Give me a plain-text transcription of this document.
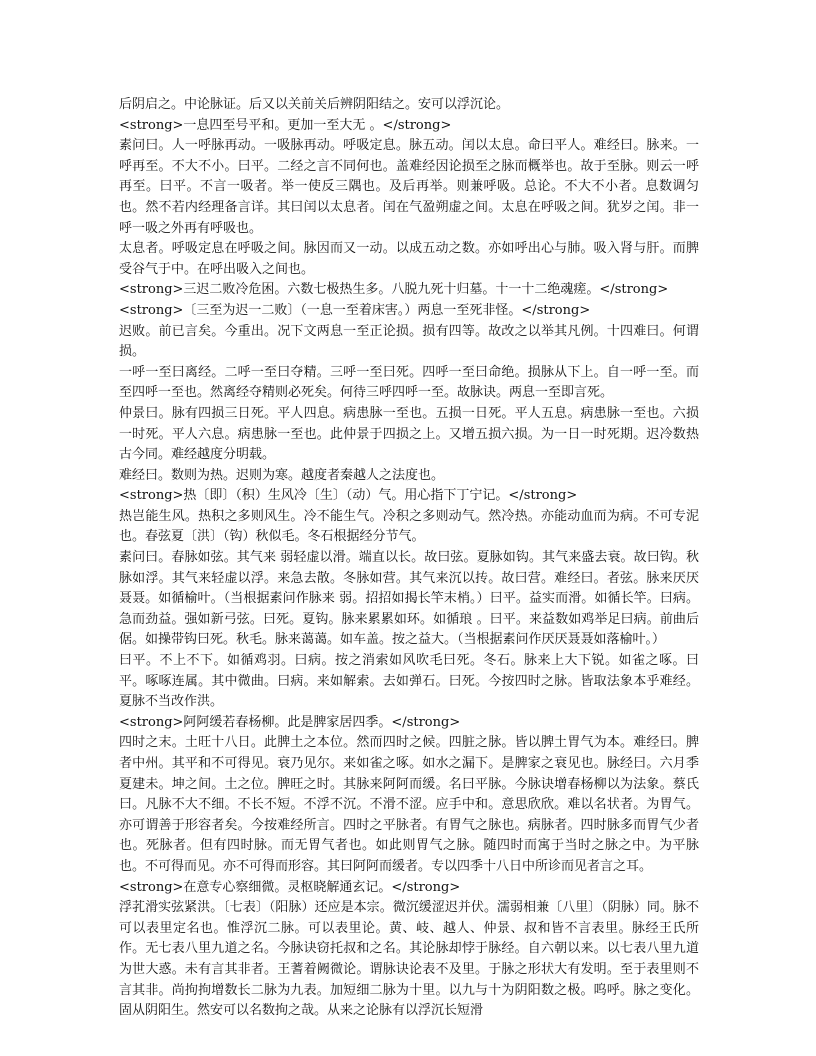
后阴启之。中论脉证。后又以关前关后辨阴阳结之。安可以浮沉论。

<strong>一息四至号平和。更加一至大无 。</strong>

素问曰。人一呼脉再动。一吸脉再动。呼吸定息。脉五动。闰以太息。命曰平人。难经曰。脉来。一呼再至。不大不小。曰平。二经之言不同何也。盖难经因论损至之脉而概举也。故于至脉。则云一呼再至。曰平。不言一吸者。举一使反三隅也。及后再举。则兼呼吸。总论。不大不小者。息数调匀也。然不若内经理备言详。其曰闰以太息者。闰在气盈朔虚之间。太息在呼吸之间。犹岁之闰。非一呼一吸之外再有呼吸也。

太息者。呼吸定息在呼吸之间。脉因而又一动。以成五动之数。亦如呼出心与肺。吸入肾与肝。而脾受谷气于中。在呼出吸入之间也。

<strong>三迟二败冷危困。六数七极热生多。八脱九死十归墓。十一十二绝魂瘥。</strong>

<strong>〔三至为迟一二败〕（一息一至着床害。）两息一至死非怪。</strong>

迟败。前已言矣。今重出。况下文两息一至正论损。损有四等。故改之以举其凡例。十四难曰。何谓损。

一呼一至曰离经。二呼一至曰夺精。三呼一至曰死。四呼一至曰命绝。损脉从下上。自一呼一至。而至四呼一至也。然离经夺精则必死矣。何待三呼四呼一至。故脉诀。两息一至即言死。

仲景曰。脉有四损三日死。平人四息。病患脉一至也。五损一日死。平人五息。病患脉一至也。六损一时死。平人六息。病患脉一至也。此仲景于四损之上。又增五损六损。为一日一时死期。迟冷数热古今同。难经越度分明载。

难经曰。数则为热。迟则为寒。越度者秦越人之法度也。

<strong>热〔即〕（积）生风冷〔生〕（动）气。用心指下丁宁记。</strong>

热岂能生风。热积之多则风生。冷不能生气。冷积之多则动气。然冷热。亦能动血而为病。不可专泥也。春弦夏〔洪〕（钩）秋似毛。冬石根据经分节气。

素问曰。春脉如弦。其气来 弱轻虚以滑。端直以长。故曰弦。夏脉如钩。其气来盛去衰。故曰钩。秋脉如浮。其气来轻虚以浮。来急去散。冬脉如营。其气来沉以抟。故曰营。难经曰。者弦。脉来厌厌聂聂。如循榆叶。（当根据素问作脉来 弱。招招如揭长竿末梢。）曰平。益实而滑。如循长竿。曰病。急而劲益。强如新弓弦。曰死。夏钩。脉来累累如环。如循琅 。曰平。来益数如鸡举足曰病。前曲后倨。如操带钩曰死。秋毛。脉来蔼蔼。如车盖。按之益大。（当根据素问作厌厌聂聂如落榆叶。）

曰平。不上不下。如循鸡羽。曰病。按之消索如风吹毛曰死。冬石。脉来上大下锐。如雀之啄。曰平。啄啄连属。其中微曲。曰病。来如解索。去如弹石。曰死。今按四时之脉。皆取法象本乎难经。夏脉不当改作洪。

<strong>阿阿缓若春杨柳。此是脾家居四季。</strong>

四时之末。土旺十八日。此脾土之本位。然而四时之候。四脏之脉。皆以脾土胃气为本。难经曰。脾者中州。其平和不可得见。衰乃见尔。来如雀之啄。如水之漏下。是脾家之衰见也。脉经曰。六月季夏建未。坤之间。土之位。脾旺之时。其脉来阿阿而缓。名曰平脉。今脉诀增春杨柳以为法象。蔡氏曰。凡脉不大不细。不长不短。不浮不沉。不滑不涩。应手中和。意思欣欣。难以名状者。为胃气。亦可谓善于形容者矣。今按难经所言。四时之平脉者。有胃气之脉也。病脉者。四时脉多而胃气少者也。死脉者。但有四时脉。而无胃气者也。如此则胃气之脉。随四时而寓于当时之脉之中。为平脉也。不可得而见。亦不可得而形容。其曰阿阿而缓者。专以四季十八日中所诊而见者言之耳。

<strong>在意专心察细微。灵枢晓解通玄记。</strong>

浮芤滑实弦紧洪。〔七表〕（阳脉）还应是本宗。微沉缓涩迟并伏。濡弱相兼〔八里〕（阴脉）同。脉不可以表里定名也。惟浮沉二脉。可以表里论。黄、岐、越人、仲景、叔和皆不言表里。脉经王氏所作。无七表八里九道之名。今脉诀窃托叔和之名。其论脉却悖于脉经。自六朝以来。以七表八里九道为世大惑。未有言其非者。王蓍着阙微论。谓脉诀论表不及里。于脉之形状大有发明。至于表里则不言其非。尚拘拘增数长二脉为九表。加短细二脉为十里。以九与十为阴阳数之极。呜呼。脉之变化。固从阴阳生。然安可以名数拘之哉。从来之论脉有以浮沉长短滑
